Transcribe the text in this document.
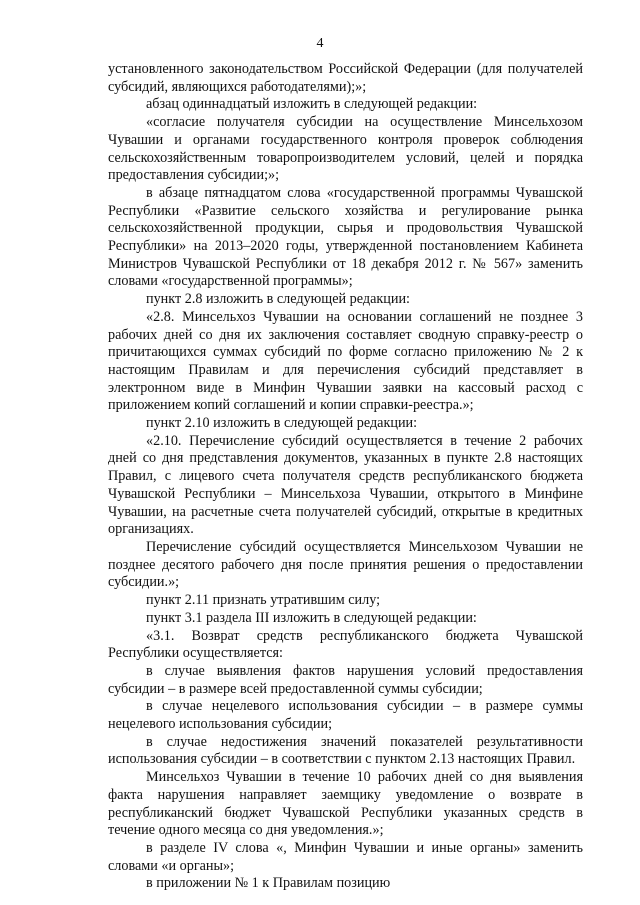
4

установленного законодательством Российской Федерации (для получателей субсидий, являющихся работодателями);»;

абзац одиннадцатый изложить в следующей редакции:

«согласие получателя субсидии на осуществление Минсельхозом Чувашии и органами государственного контроля проверок соблюдения сельскохозяйственным товаропроизводителем условий, целей и порядка предоставления субсидии;»;

в абзаце пятнадцатом слова «государственной программы Чувашской Республики «Развитие сельского хозяйства и регулирование рынка сельскохозяйственной продукции, сырья и продовольствия Чувашской Республики» на 2013–2020 годы, утвержденной постановлением Кабинета Министров Чувашской Республики от 18 декабря 2012 г. № 567» заменить словами «государственной программы»;

пункт 2.8 изложить в следующей редакции:

«2.8. Минсельхоз Чувашии на основании соглашений не позднее 3 рабочих дней со дня их заключения составляет сводную справку-реестр о причитающихся суммах субсидий по форме согласно приложению № 2 к настоящим Правилам и для перечисления субсидий представляет в электронном виде в Минфин Чувашии заявки на кассовый расход с приложением копий соглашений и копии справки-реестра.»;

пункт 2.10 изложить в следующей редакции:

«2.10. Перечисление субсидий осуществляется в течение 2 рабочих дней со дня представления документов, указанных в пункте 2.8 настоящих Правил, с лицевого счета получателя средств республиканского бюджета Чувашской Республики – Минсельхоза Чувашии, открытого в Минфине Чувашии, на расчетные счета получателей субсидий, открытые в кредитных организациях.

Перечисление субсидий осуществляется Минсельхозом Чувашии не позднее десятого рабочего дня после принятия решения о предоставлении субсидии.»;

пункт 2.11 признать утратившим силу;

пункт 3.1 раздела III изложить в следующей редакции:

«3.1. Возврат средств республиканского бюджета Чувашской Республики осуществляется:

в случае выявления фактов нарушения условий предоставления субсидии – в размере всей предоставленной суммы субсидии;

в случае нецелевого использования субсидии – в размере суммы нецелевого использования субсидии;

в случае недостижения значений показателей результативности использования субсидии – в соответствии с пунктом 2.13 настоящих Правил.

Минсельхоз Чувашии в течение 10 рабочих дней со дня выявления факта нарушения направляет заемщику уведомление о возврате в республиканский бюджет Чувашской Республики указанных средств в течение одного месяца со дня уведомления.»;

в разделе IV слова «, Минфин Чувашии и иные органы» заменить словами «и органы»;

в приложении № 1 к Правилам позицию
